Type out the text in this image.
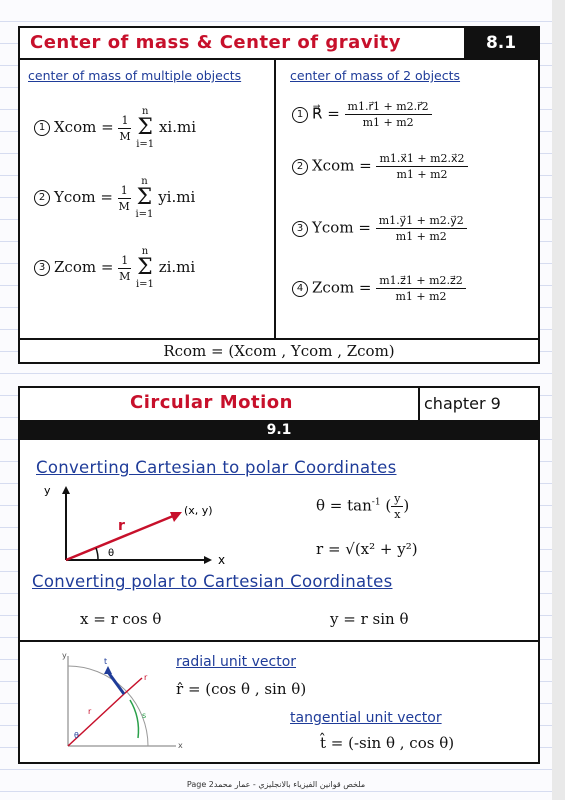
Center of mass & Center of gravity	8.1
center of mass of multiple objects	center of mass of 2 objects
1 Xcom = $\frac{1}{M}$
n
Σ
i=1 xi.mi
2 Ycom = $\frac{1}{M}$
n
Σ
i=1 yi.mi
3 Zcom = $\frac{1}{M}$
n
Σ
i=1 zi.mi
1 R⃗ = $\frac{m1.r⃗1 + m2.r⃗2}{m1 + m2}$
2 Xcom = $\frac{m1.x⃗1 + m2.x⃗2}{m1 + m2}$
3 Ycom = $\frac{m1.y⃗1 + m2.y⃗2}{m1 + m2}$
4 Zcom = $\frac{m1.z⃗1 + m2.z⃗2}{m1 + m2}$
Rcom = (Xcom , Ycom , Zcom)
Circular Motion	chapter 9
9.1
Converting Cartesian to polar Coordinates
y
x
r
θ
(x, y)	$\theta = \tan^{-1}$ ( $\frac{y}{x}$ )
r = √(x² + y²)
Converting polar to Cartesian Coordinates
x = r cos θ	y = r sin θ
y
x
θ
r	s
t
r
radial unit vector
r̂ = (cos θ , sin θ)
tangential unit vector
t̂ = (-sin θ , cos θ)
Page 2ملخص قوانين الفيزياء بالانجليزي - عمار محمد
